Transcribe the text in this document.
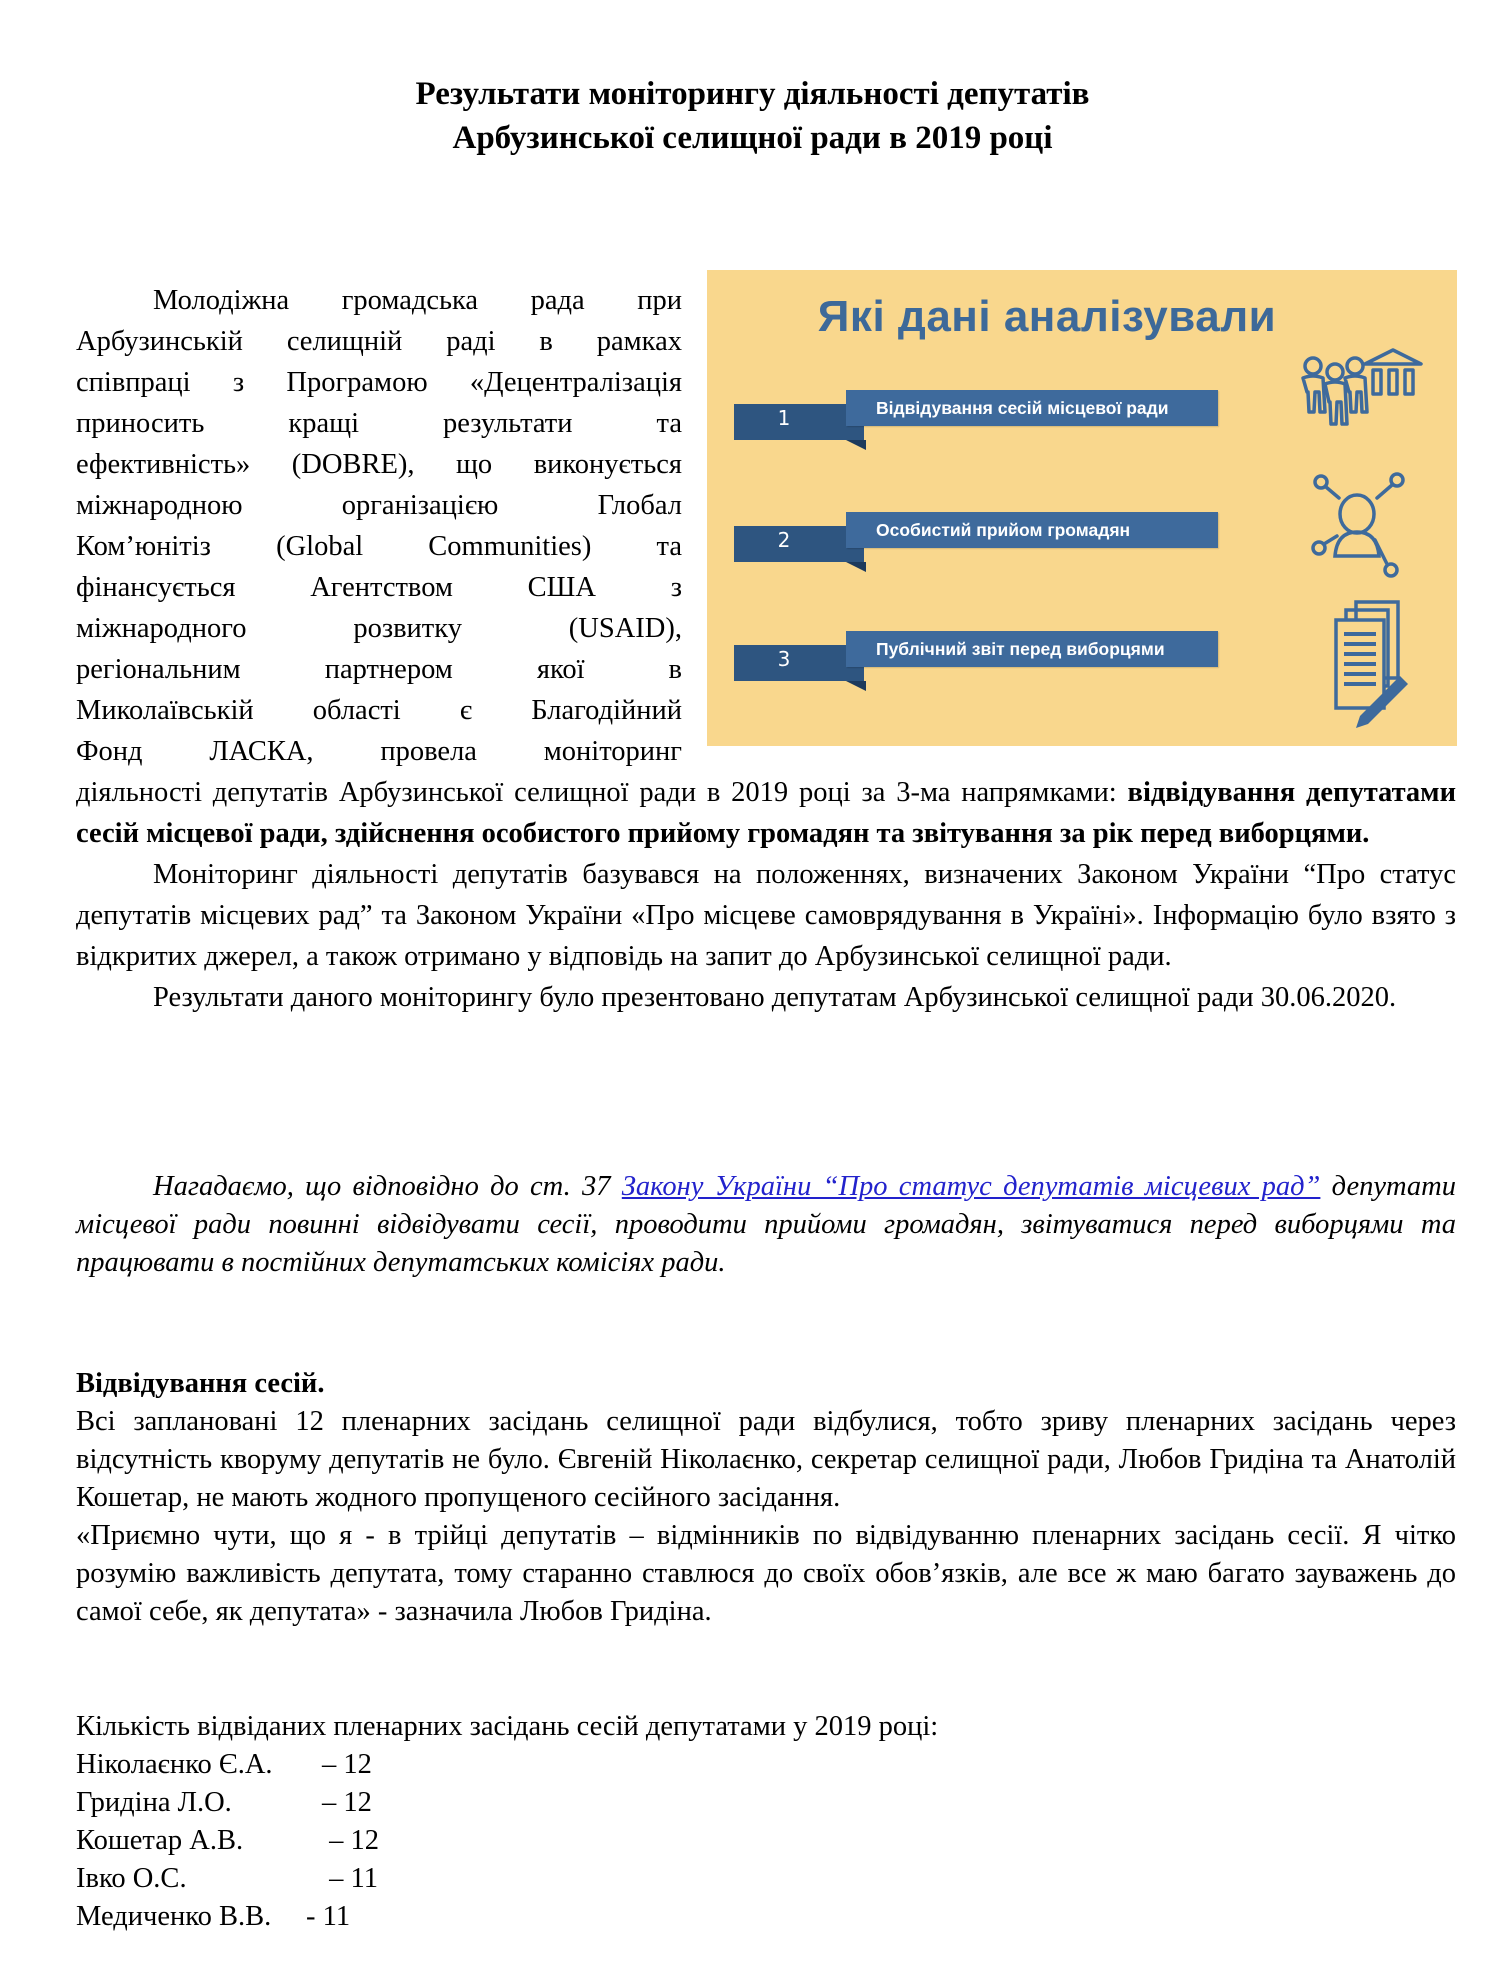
Результати моніторингу діяльності депутатів
Арбузинської селищної ради в 2019 році
Які дані аналізували
1	Відвідування сесій місцевої ради
2	Особистий прийом громадян
3	Публічний звіт перед виборцями

Молодіжна громадська рада при

Арбузинській селищній раді в рамках

співпраці з Програмою «Децентралізація

приносить кращі результати та

ефективність» (DOBRE), що виконується

міжнародною організацією Глобал

Ком’юнітіз (Global Communities) та

фінансується Агентством США з

міжнародного розвитку (USAID),

регіональним партнером якої в

Миколаївській області є Благодійний

Фонд ЛАСКА, провела моніторинг

діяльності депутатів Арбузинської селищної ради в 2019 році за 3-ма напрямками: відвідування депутатами сесій місцевої ради, здійснення особистого прийому громадян та звітування за рік перед виборцями.

Моніторинг діяльності депутатів базувався на положеннях, визначених Законом України “Про статус депутатів місцевих рад” та Законом України «Про місцеве самоврядування в Україні». Інформацію було взято з відкритих джерел, а також отримано у відповідь на запит до Арбузинської селищної ради.

Результати даного моніторингу було презентовано депутатам Арбузинської селищної ради 30.06.2020.

Нагадаємо, що відповідно до ст. 37 Закону України “Про статус депутатів місцевих рад” депутати місцевої ради повинні відвідувати сесії, проводити прийоми громадян, звітуватися перед виборцями та працювати в постійних депутатських комісіях ради.

Відвідування сесій.

Всі заплановані 12 пленарних засідань селищної ради відбулися, тобто зриву пленарних засідань через відсутність кворуму депутатів не було. Євгеній Ніколаєнко, секретар селищної ради, Любов Гридіна та Анатолій Кошетар, не мають жодного пропущеного сесійного засідання.

«Приємно чути, що я - в трійці депутатів – відмінників по відвідуванню пленарних засідань сесії. Я чітко розумію важливість депутата, тому старанно ставлюся до своїх обов’язків, але все ж маю багато зауважень до самої себе, як депутата» - зазначила Любов Гридіна.

Кількість відвіданих пленарних засідань сесій депутатами у 2019 році:
Ніколаєнко Є.А.	– 12
Гридіна Л.О.	– 12
Кошетар А.В.	– 12
Івко О.С.	– 11
Медиченко В.В.	- 11
